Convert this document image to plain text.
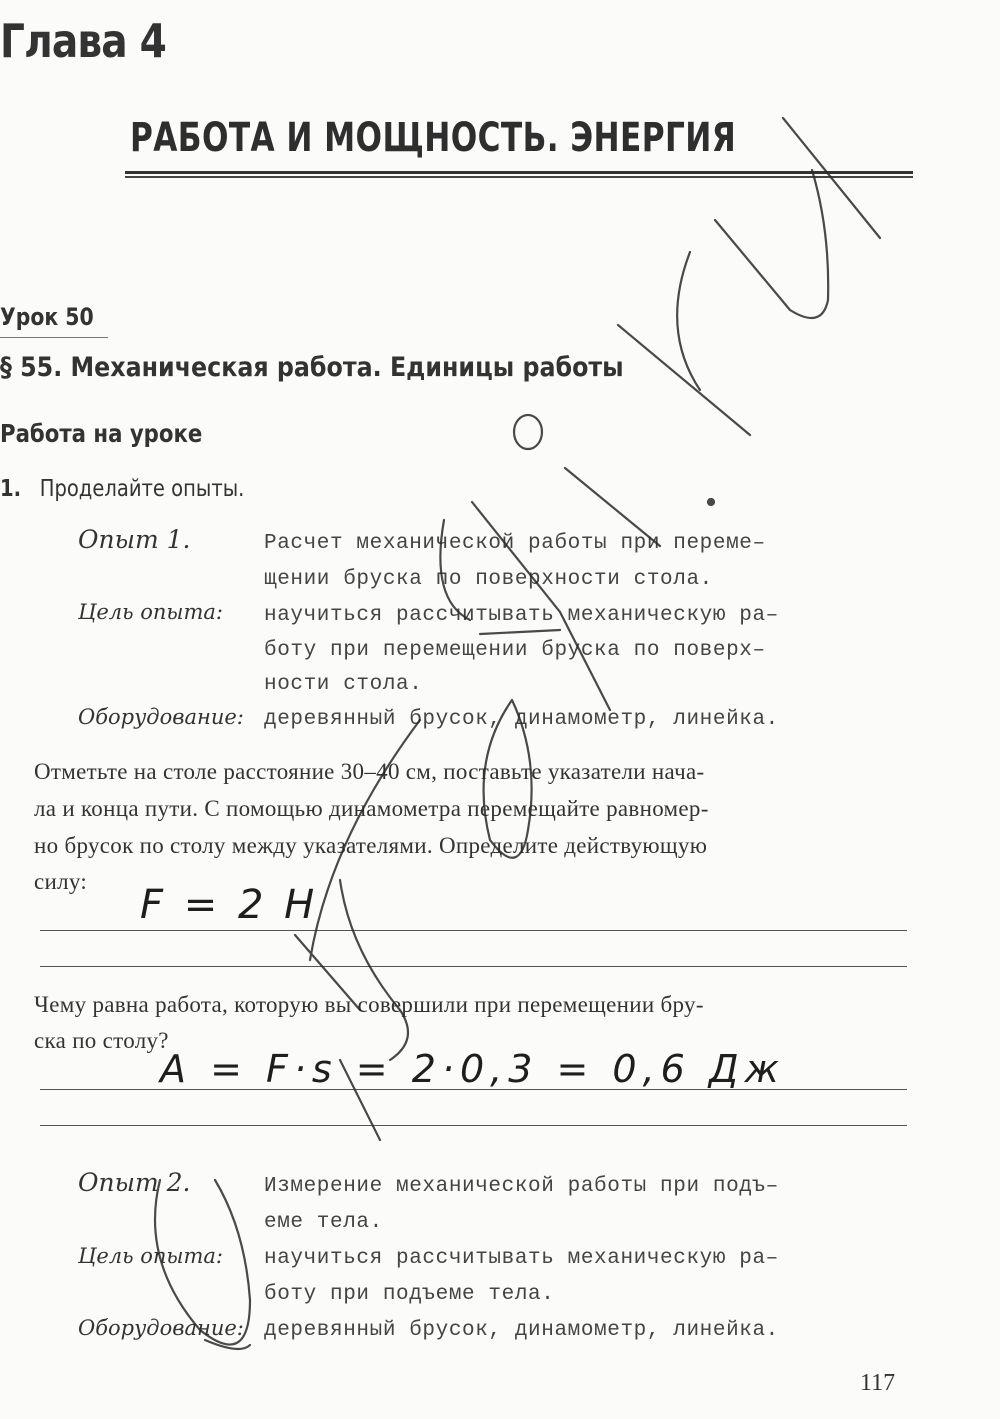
Глава 4
РАБОТА И МОЩНОСТЬ. ЭНЕРГИЯ
Урок 50
§ 55. Механическая работа. Единицы работы
Работа на уроке
1. Проделайте опыты.
Опыт 1.	Расчет механической работы при переме–
щении бруска по поверхности стола.
Цель опыта: научиться рассчитывать механическую ра–
боту при перемещении бруска по поверх–
ности стола.
Оборудование: деревянный брусок, динамометр, линейка.
Отметьте на столе расстояние 30–40 см, поставьте указатели нача-
ла и конца пути. С помощью динамометра перемещайте равномер-
но брусок по столу между указателями. Определите действующую
силу:
F = 2 Н
Чему равна работа, которую вы совершили при перемещении бру-
ска по столу?
A = F·s = 2·0,3 = 0,6 Дж
Опыт 2.	Измерение механической работы при подъ–
еме тела.
Цель опыта: научиться рассчитывать механическую ра–
боту при подъеме тела.
Оборудование: деревянный брусок, динамометр, линейка.
117
